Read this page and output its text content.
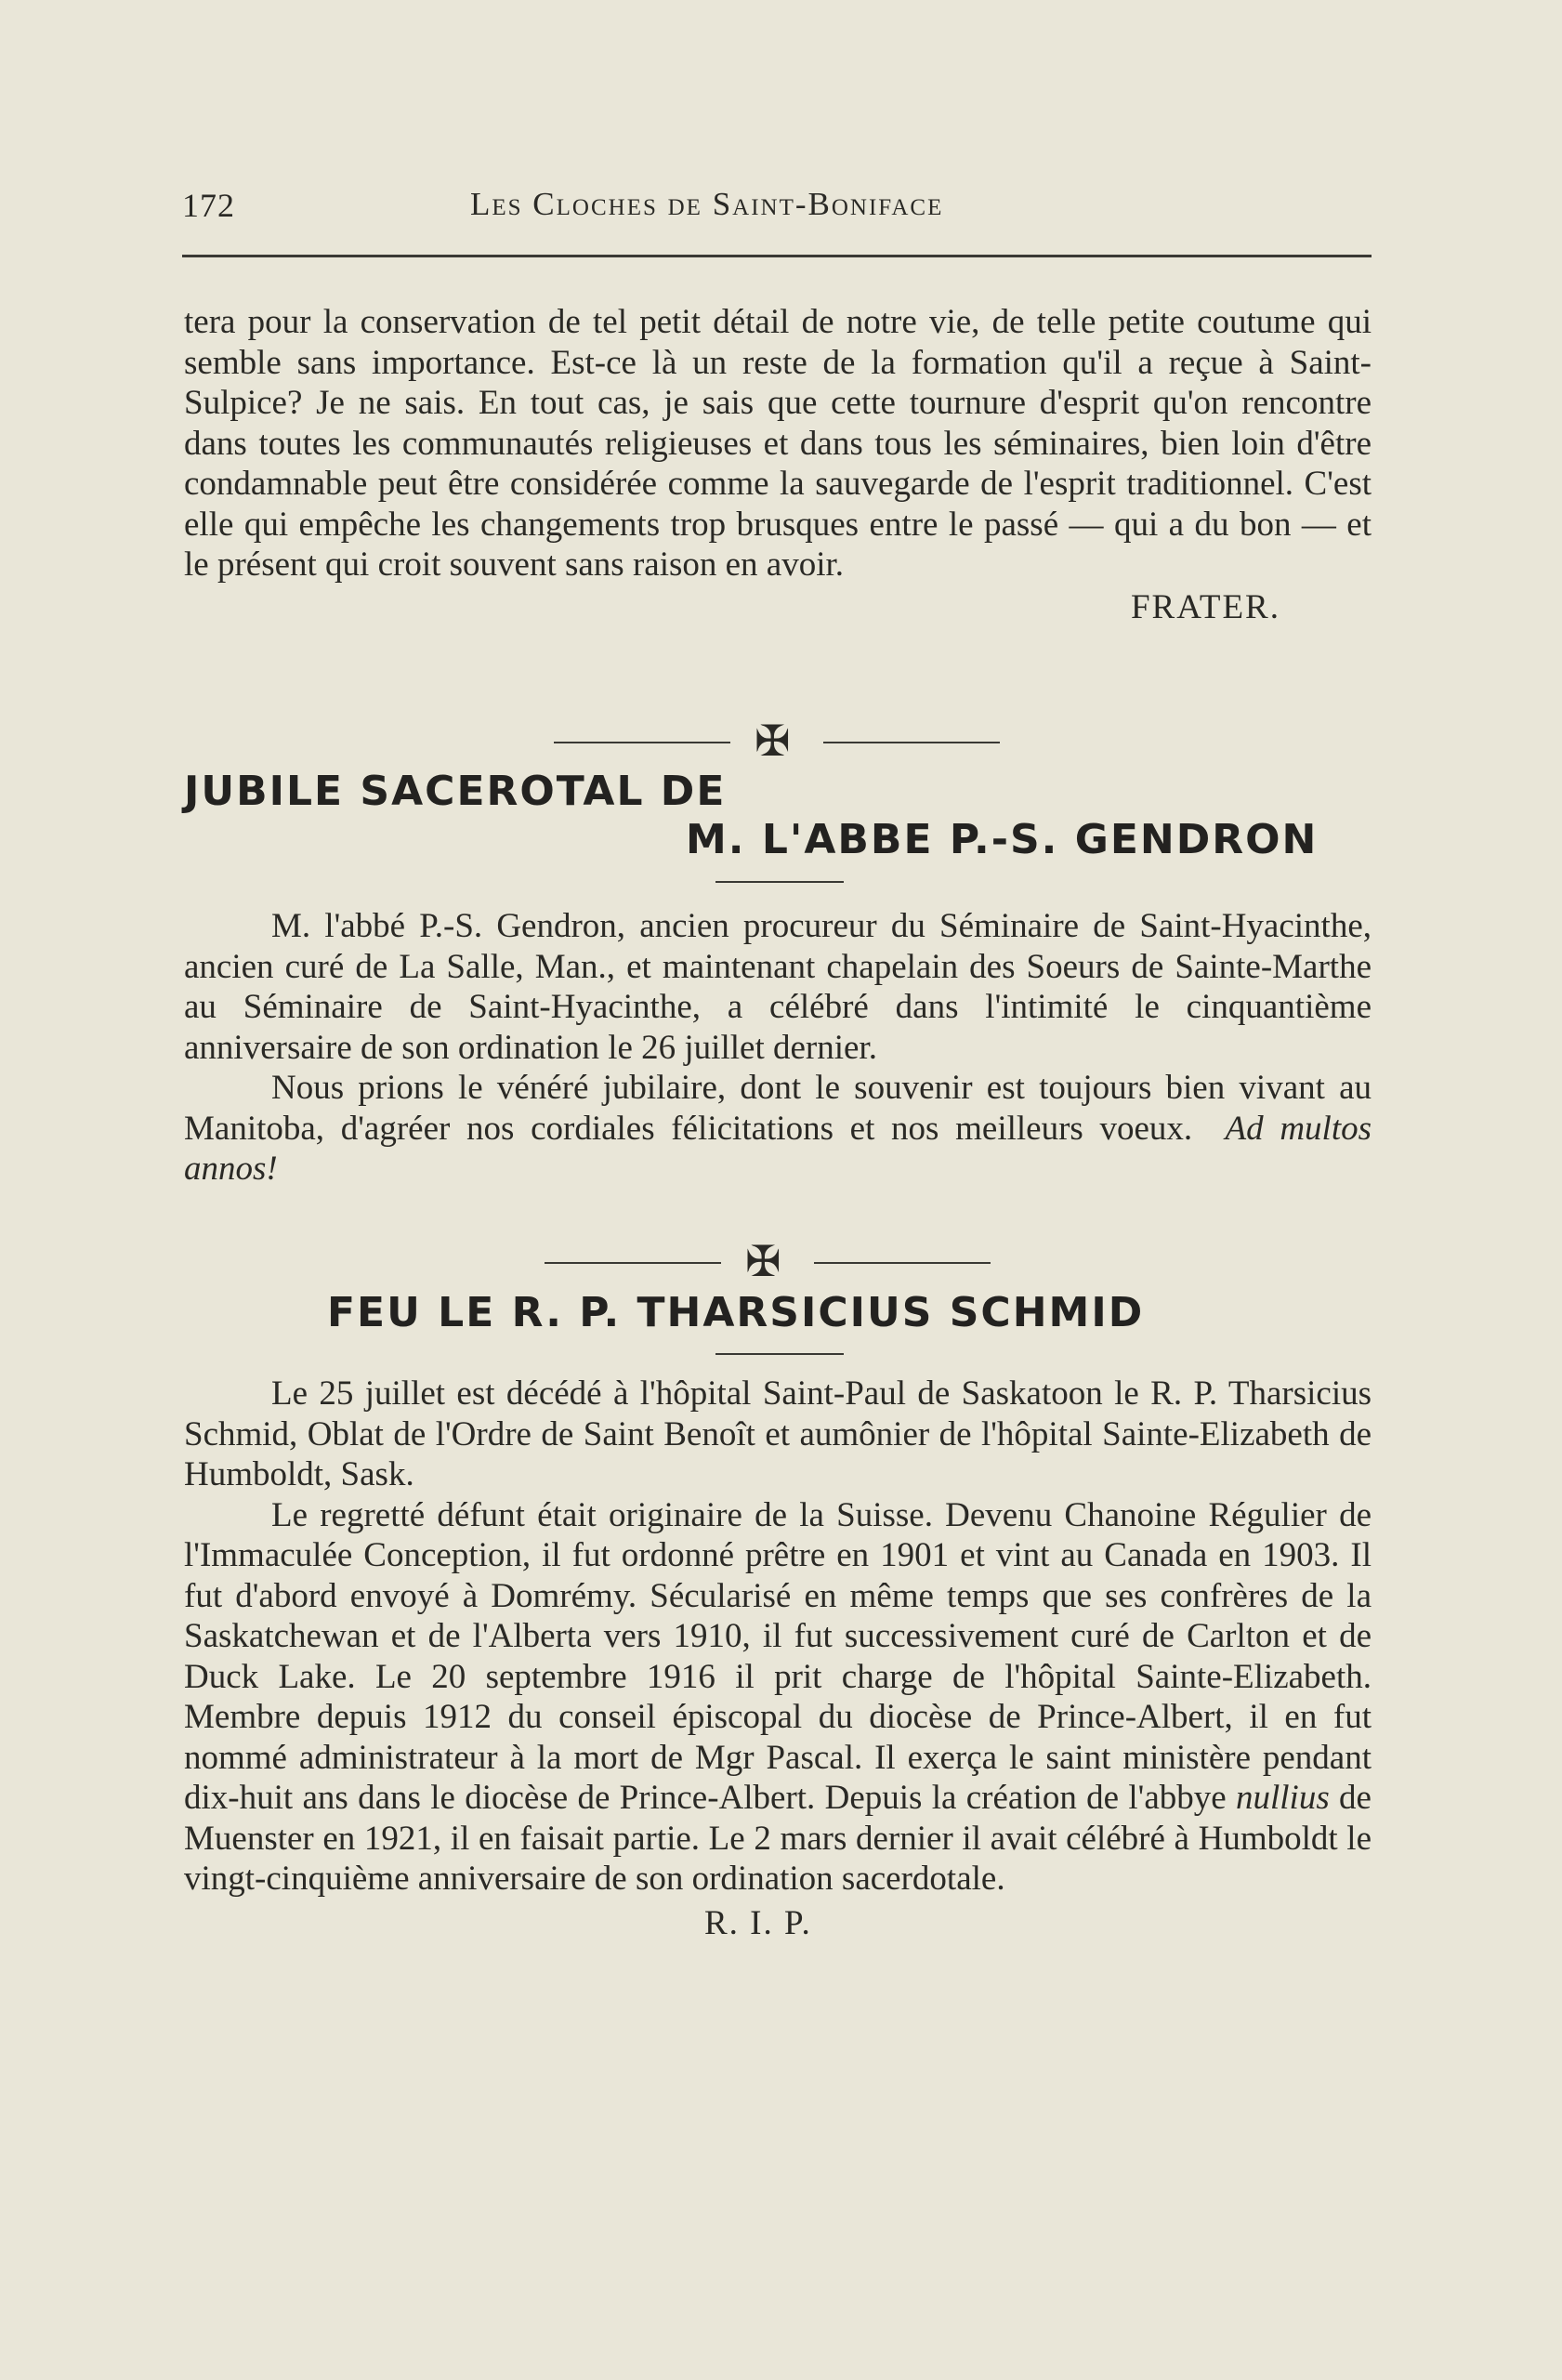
172	Les Cloches de Saint-Boniface

tera pour la conservation de tel petit détail de notre vie, de telle petite coutume qui semble sans importance. Est-ce là un reste de la formation qu'il a reçue à Saint-Sulpice? Je ne sais. En tout cas, je sais que cette tournure d'esprit qu'on rencontre dans toutes les communautés religieuses et dans tous les séminaires, bien loin d'être condamnable peut être considérée comme la sauvegarde de l'esprit traditionnel. C'est elle qui empêche les changements trop brusques entre le passé — qui a du bon — et le présent qui croit souvent sans raison en avoir.

FRATER.
✠
JUBILE SACEROTAL DE
M. L'ABBE P.-S. GENDRON

M. l'abbé P.-S. Gendron, ancien procureur du Séminaire de Saint-Hyacinthe, ancien curé de La Salle, Man., et maintenant chapelain des Soeurs de Sainte-Marthe au Séminaire de Saint-Hyacinthe, a célébré dans l'intimité le cinquantième anniversaire de son ordination le 26 juillet dernier.

Nous prions le vénéré jubilaire, dont le souvenir est toujours bien vivant au Manitoba, d'agréer nos cordiales félicitations et nos meilleurs voeux. Ad multos annos!

✠
FEU LE R. P. THARSICIUS SCHMID

Le 25 juillet est décédé à l'hôpital Saint-Paul de Saskatoon le R. P. Tharsicius Schmid, Oblat de l'Ordre de Saint Benoît et aumônier de l'hôpital Sainte-Elizabeth de Humboldt, Sask.

Le regretté défunt était originaire de la Suisse. Devenu Chanoine Régulier de l'Immaculée Conception, il fut ordonné prêtre en 1901 et vint au Canada en 1903. Il fut d'abord envoyé à Domrémy. Sécularisé en même temps que ses confrères de la Saskatchewan et de l'Alberta vers 1910, il fut successivement curé de Carlton et de Duck Lake. Le 20 septembre 1916 il prit charge de l'hôpital Sainte-Elizabeth. Membre depuis 1912 du conseil épiscopal du diocèse de Prince-Albert, il en fut nommé administrateur à la mort de Mgr Pascal. Il exerça le saint ministère pendant dix-huit ans dans le diocèse de Prince-Albert. Depuis la création de l'abbye nullius de Muenster en 1921, il en faisait partie. Le 2 mars dernier il avait célébré à Humboldt le vingt-cinquième anniversaire de son ordination sacerdotale.

R. I. P.
